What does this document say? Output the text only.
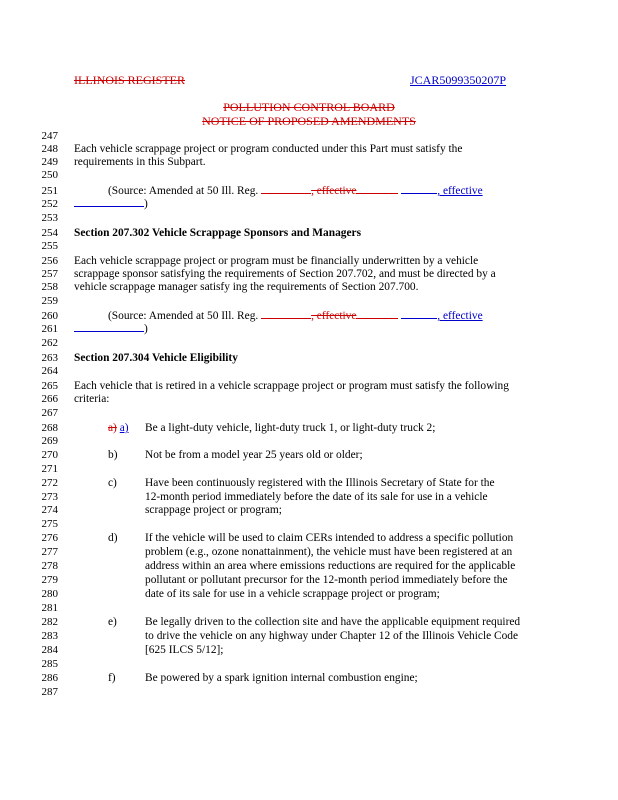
ILLINOIS REGISTER	JCAR5099350207P
POLLUTION CONTROL BOARD
NOTICE OF PROPOSED AMENDMENTS
247
248
249
250
251
252
253
254
255
256
257
258
259
260
261
262
263
264
265
266
267
268
269
270
271
272
273
274
275
276
277
278
279
280
281
282
283
284
285
286
287
Each vehicle scrappage project or program conducted under this Part must satisfy the
requirements in this Subpart.
(Source: Amended at 50 Ill. Reg.	, effective	, effective
)
Section 207.302 Vehicle Scrappage Sponsors and Managers
Each vehicle scrappage project or program must be financially underwritten by a vehicle
scrappage sponsor satisfying the requirements of Section 207.702, and must be directed by a
vehicle scrappage manager satisfy ing the requirements of Section 207.700.
(Source: Amended at 50 Ill. Reg.	, effective	, effective
)
Section 207.304 Vehicle Eligibility
Each vehicle that is retired in a vehicle scrappage project or program must satisfy the following
criteria:
a) a) Be a light-duty vehicle, light-duty truck 1, or light-duty truck 2;
b) Not be from a model year 25 years old or older;
c) Have been continuously registered with the Illinois Secretary of State for the
12-month period immediately before the date of its sale for use in a vehicle
scrappage project or program;
d) If the vehicle will be used to claim CERs intended to address a specific pollution
problem (e.g., ozone nonattainment), the vehicle must have been registered at an
address within an area where emissions reductions are required for the applicable
pollutant or pollutant precursor for the 12-month period immediately before the
date of its sale for use in a vehicle scrappage project or program;
e) Be legally driven to the collection site and have the applicable equipment required
to drive the vehicle on any highway under Chapter 12 of the Illinois Vehicle Code
[625 ILCS 5/12];
f)	Be powered by a spark ignition internal combustion engine;
